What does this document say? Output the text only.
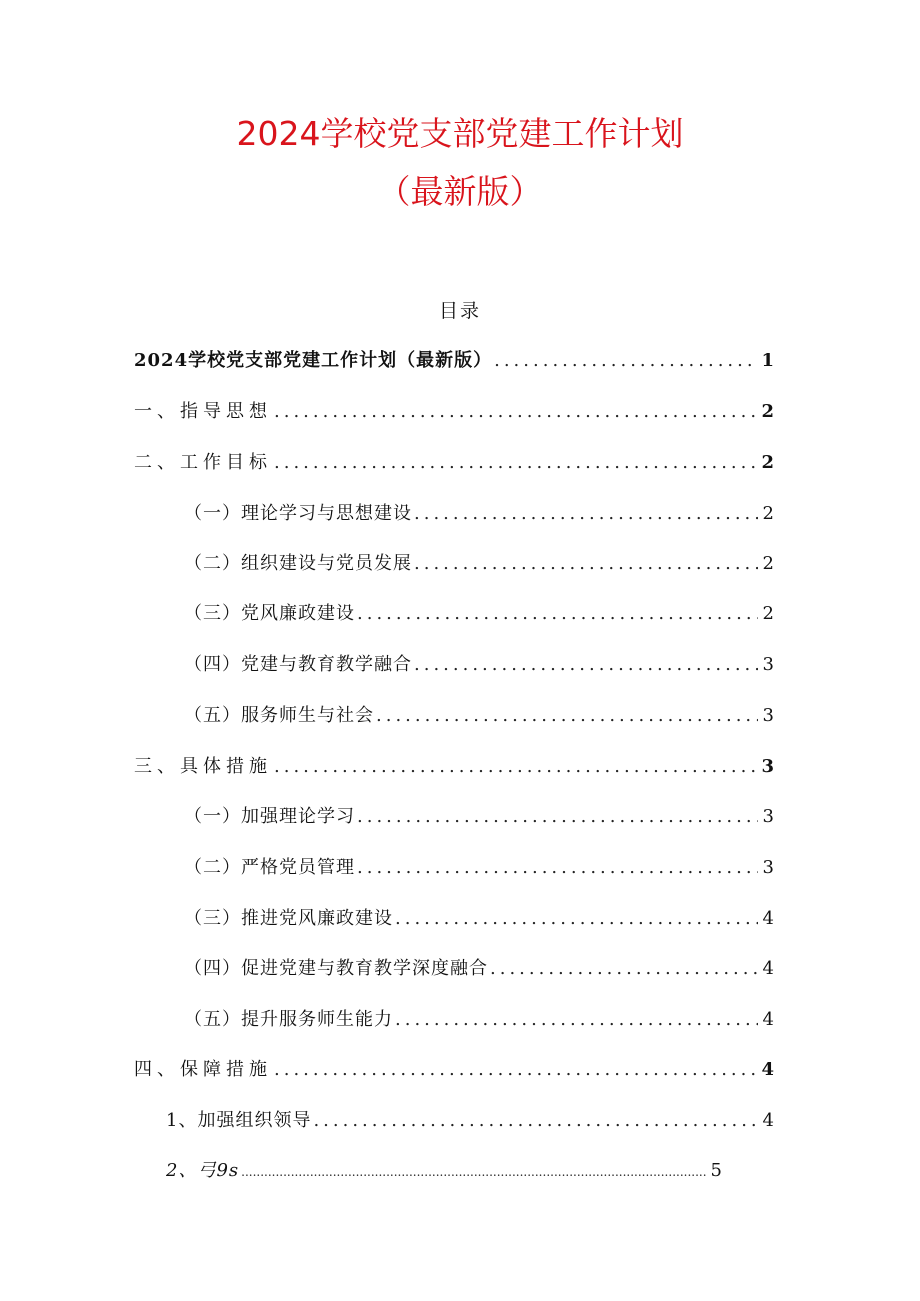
2024学校党支部党建工作计划
（最新版）
目录
2024学校党支部党建工作计划（最新版） .....	1
一、指导思想 .....	2
二、工作目标 .....	2
（一）理论学习与思想建设 .....	2
（二）组织建设与党员发展 .....	2
（三）党风廉政建设 .....	2
（四）党建与教育教学融合 .....	3
（五）服务师生与社会 .....	3
三、具体措施 .....	3
（一）加强理论学习 .....	3
（二）严格党员管理 .....	3
（三）推进党风廉政建设 .....	4
（四）促进党建与教育教学深度融合 .....	4
（五）提升服务师生能力 .....	4
四、保障措施 .....	4
1、加强组织领导 .....	4
2、弓9s .....	5
